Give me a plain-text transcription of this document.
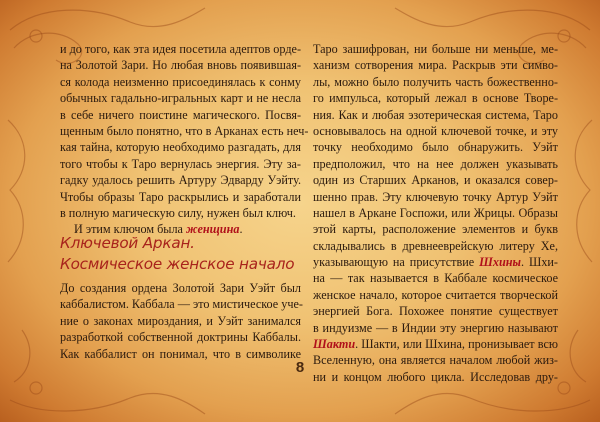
и до того, как эта идея посетила адептов орде-
на Золотой Зари. Но любая вновь появившая-
ся колода неизменно присоединялась к сонму
обычных гадально-игральных карт и не несла
в себе ничего поистине магического. Посвя-
щенным было понятно, что в Арканах есть неч-
кая тайна, которую необходимо разгадать, для
того чтобы к Таро вернулась энергия. Эту за-
гадку удалось решить Артуру Эдварду Уэйту.
Чтобы образы Таро раскрылись и заработали
в полную магическую силу, нужен был ключ.
И этим ключом была женщина.
Ключевой Аркан.
Космическое женское начало
До создания ордена Золотой Зари Уэйт был
каббалистом. Каббала — это мистическое уче-
ние о законах мироздания, и Уэйт занимался
разработкой собственной доктрины Каббалы.
Как каббалист он понимал, что в символике
Таро зашифрован, ни больше ни меньше, ме-
ханизм сотворения мира. Раскрыв эти симво-
лы, можно было получить часть божественно-
го импульса, который лежал в основе Творе-
ния. Как и любая эзотерическая система, Таро
основывалось на одной ключевой точке, и эту
точку необходимо было обнаружить. Уэйт
предположил, что на нее должен указывать
один из Старших Арканов, и оказался совер-
шенно прав. Эту ключевую точку Артур Уэйт
нашел в Аркане Госпожи, или Жрицы. Образы
этой карты, расположение элементов и букв
складывались в древнееврейскую литеру Хе,
указывающую на присутствие Шхины. Шхи-
на — так называется в Каббале космическое
женское начало, которое считается творческой
энергией Бога. Похожее понятие существует
в индуизме — в Индии эту энергию называют
Шакти. Шакти, или Шхина, пронизывает всю
Вселенную, она является началом любой жиз-
ни и концом любого цикла. Исследовав дру-
8
